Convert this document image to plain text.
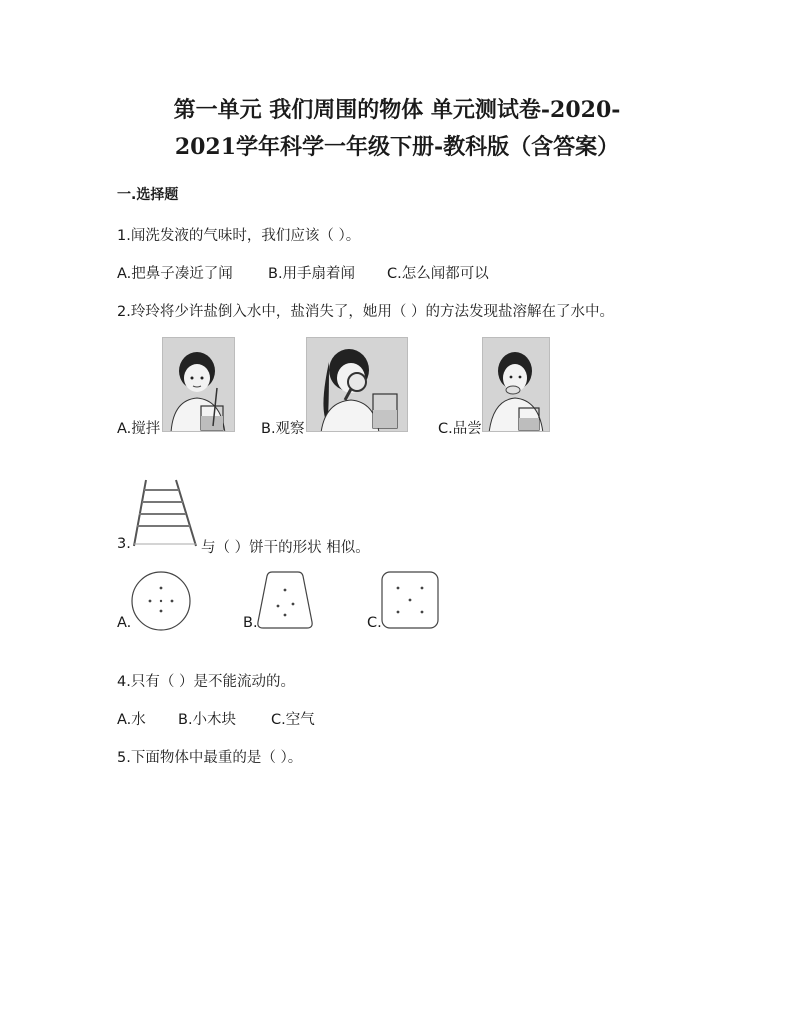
第一单元 我们周围的物体 单元测试卷-2020-
2021学年科学一年级下册-教科版（含答案）
一.选择题
1.闻洗发液的气味时，我们应该（ ）。
A.把鼻子凑近了闻 B.用手扇着闻 C.怎么闻都可以
2.玲玲将少许盐倒入水中，盐消失了，她用（ ）的方法发现盐溶解在了水中。
A.搅拌	B.观察	C.品尝
3.	与（ ）饼干的形状 相似。
A.	B.	C.
4.只有（ ）是不能流动的。
A.水 B.小木块 C.空气
5.下面物体中最重的是（ ）。
